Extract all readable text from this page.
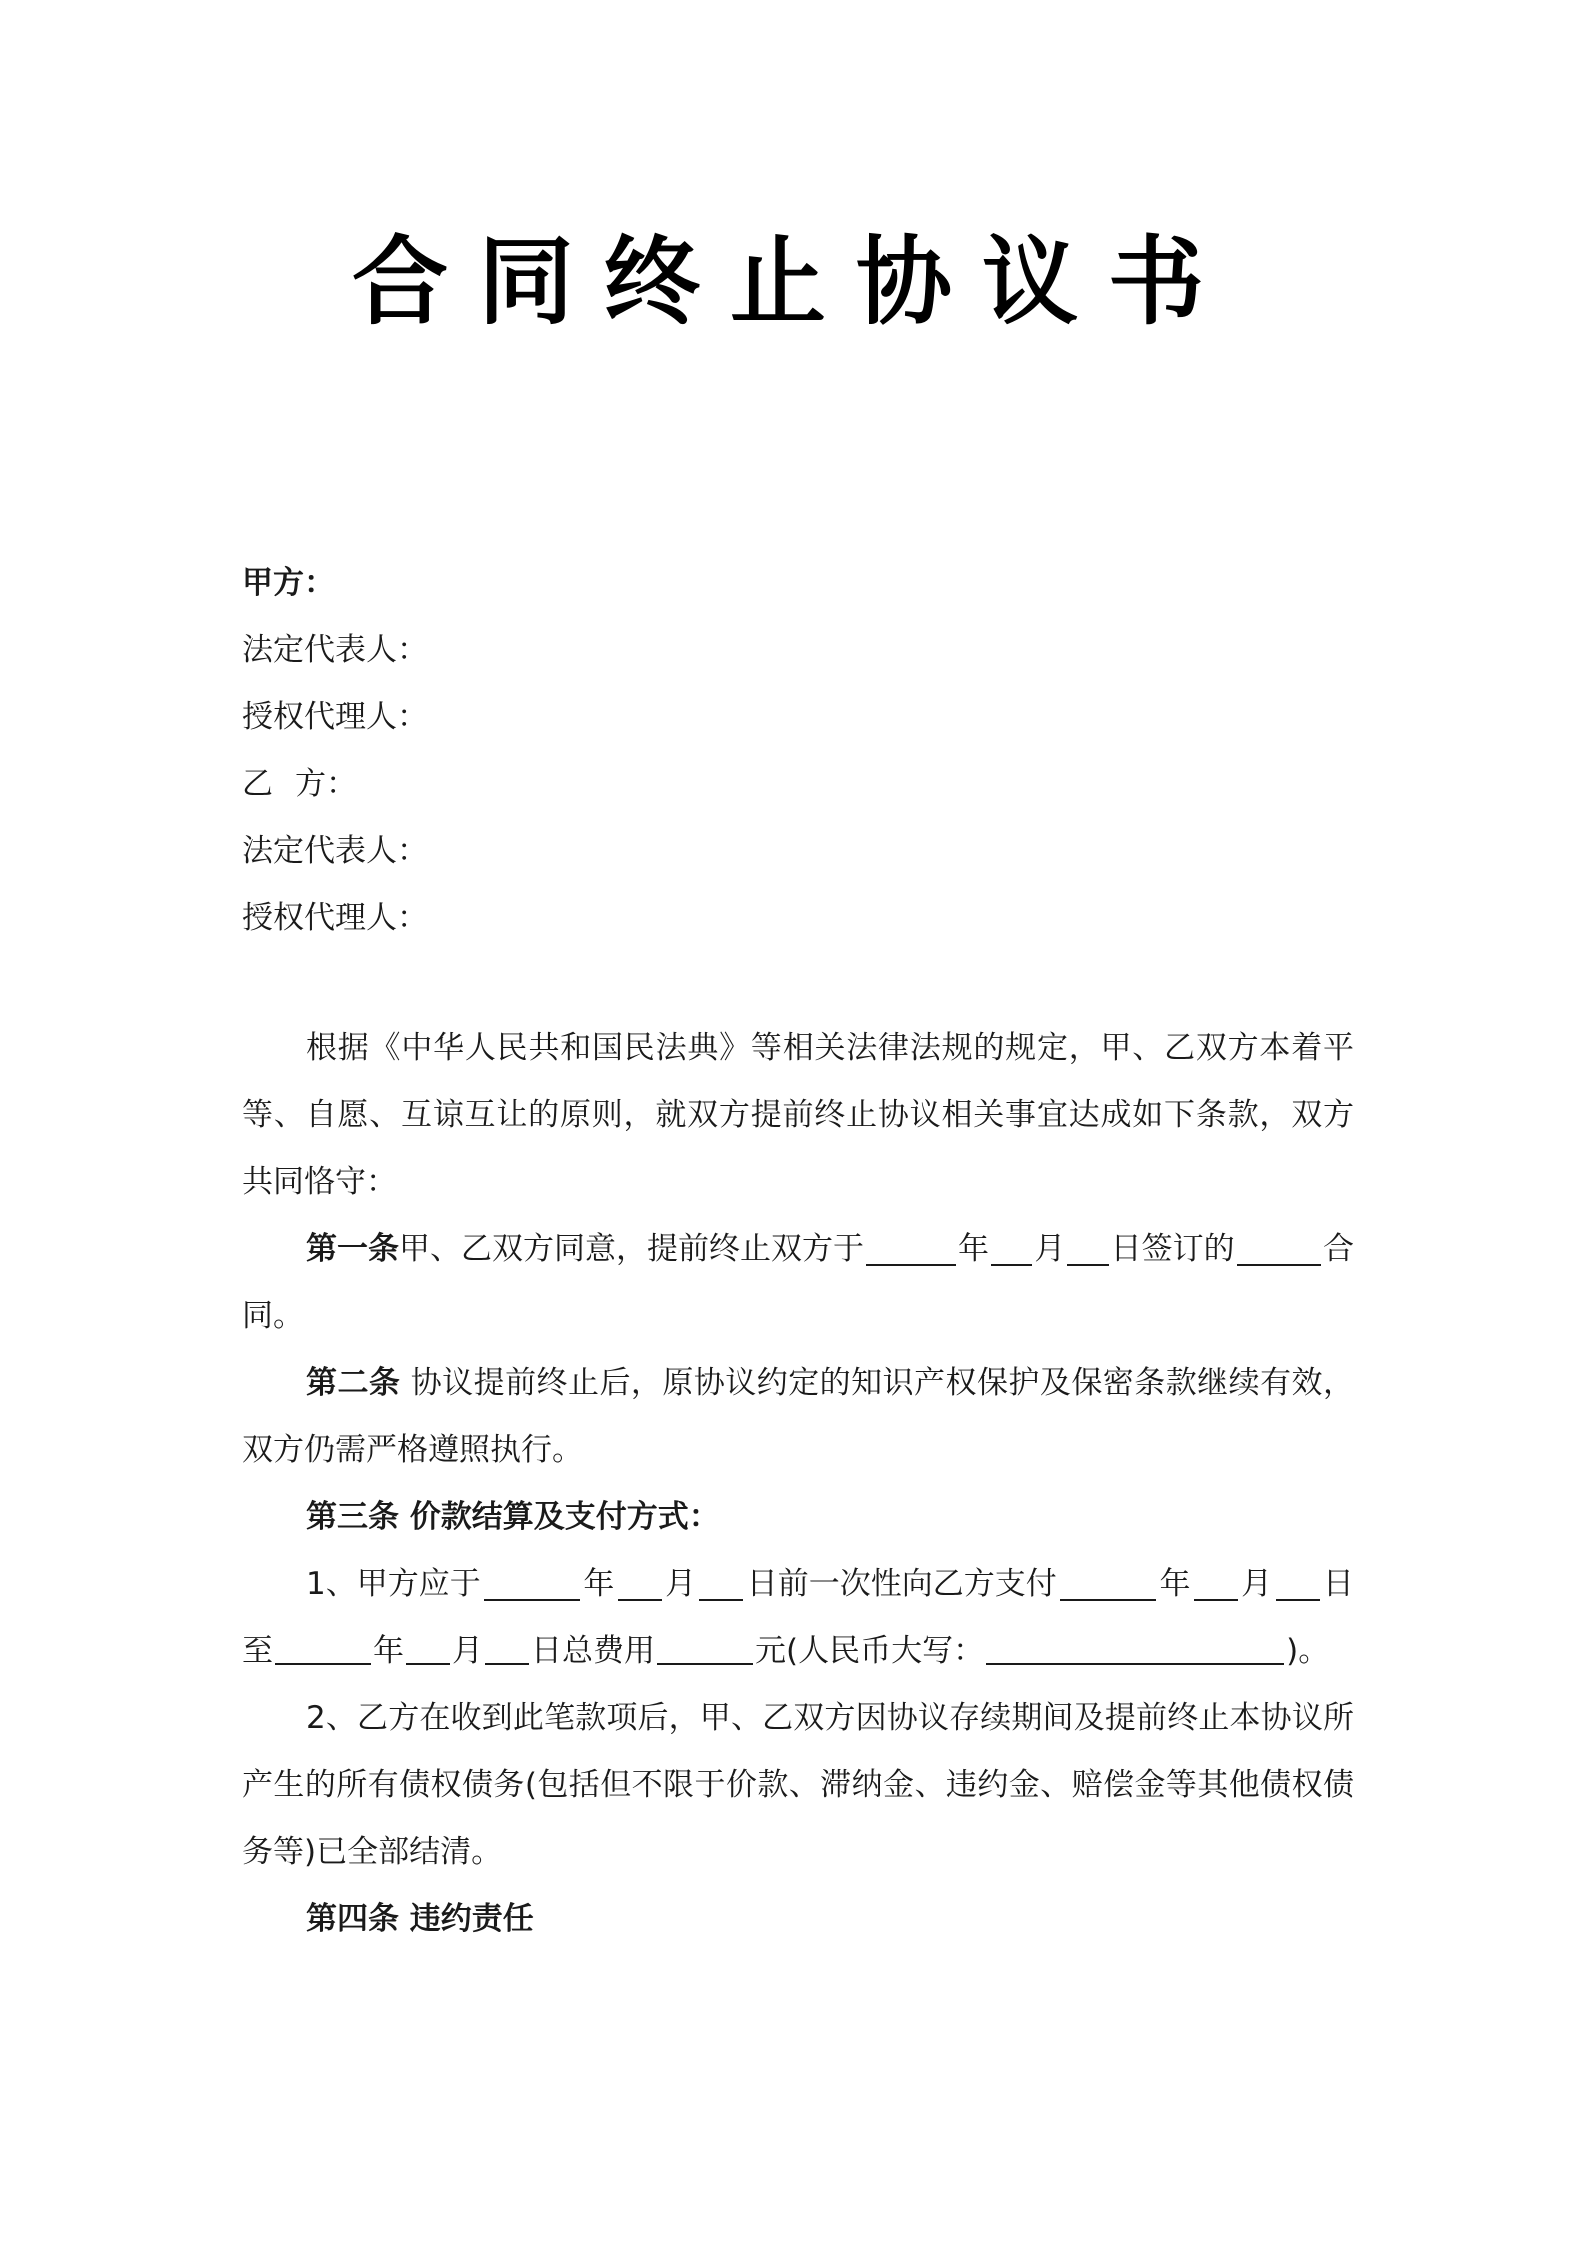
合同终止协议书
甲方：
法定代表人：
授权代理人：
乙 方：
法定代表人：
授权代理人：

根据《中华人民共和国民法典》等相关法律法规的规定，甲、乙双方本着平等、自愿、互谅互让的原则，就双方提前终止协议相关事宜达成如下条款，双方共同恪守：

第一条 甲、乙双方同意，提前终止双方于	年 月 日签订的	合
同。

第二条 协议提前终止后，原协议约定的知识产权保护及保密条款继续有效，双方仍需严格遵照执行。

第三条 价款结算及支付方式：
1、甲方应于	年 月 日前一次性向乙方支付	年 月 日
至	年 月 日总费用	元(人民币大写：	)。

2、乙方在收到此笔款项后，甲、乙双方因协议存续期间及提前终止本协议所产生的所有债权债务(包括但不限于价款、滞纳金、违约金、赔偿金等其他债权债务等)已全部结清。

第四条 违约责任
